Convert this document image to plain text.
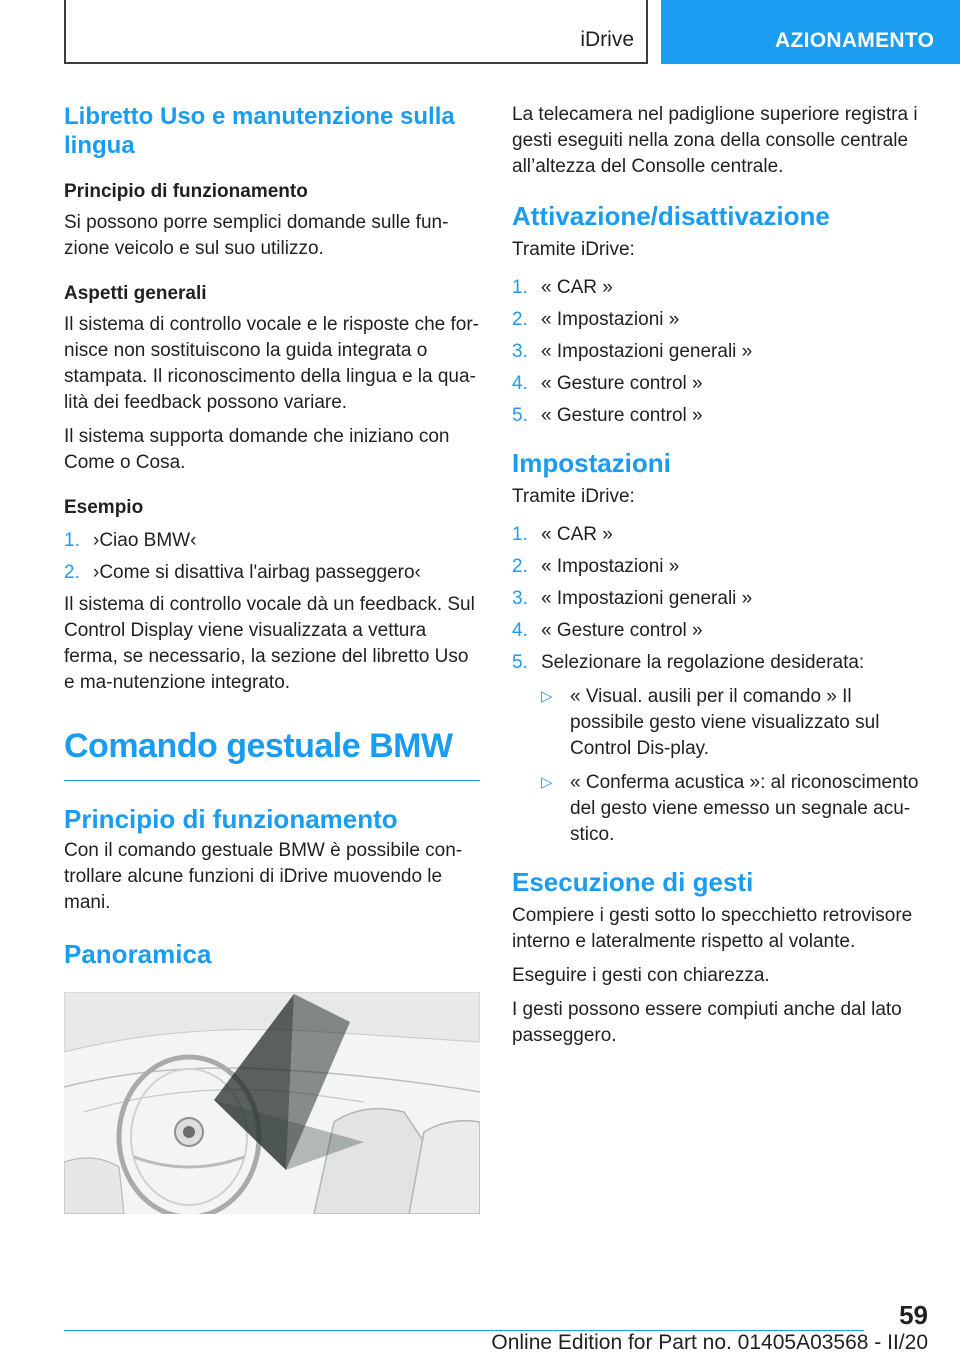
iDrive	AZIONAMENTO
Libretto Uso e manutenzione sulla lingua
Principio di funzionamento

Si possono porre semplici domande sulle fun-zione veicolo e sul suo utilizzo.

Aspetti generali

Il sistema di controllo vocale e le risposte che for-nisce non sostituiscono la guida integrata o stampata. Il riconoscimento della lingua e la qua-lità dei feedback possono variare.

Il sistema supporta domande che iniziano con Come o Cosa.

Esempio
1. ›Ciao BMW‹
2. ›Come si disattiva l'airbag passeggero‹

Il sistema di controllo vocale dà un feedback. Sul Control Display viene visualizzata a vettura ferma, se necessario, la sezione del libretto Uso e ma-nutenzione integrato.

Comando gestuale BMW
Principio di funzionamento

Con il comando gestuale BMW è possibile con-trollare alcune funzioni di iDrive muovendo le mani.

Panoramica

La telecamera nel padiglione superiore registra i gesti eseguiti nella zona della consolle centrale all’altezza del Consolle centrale.

Attivazione/disattivazione

Tramite iDrive:

1. « CAR »
2. « Impostazioni »
3. « Impostazioni generali »
4. « Gesture control »
5. « Gesture control »
Impostazioni

Tramite iDrive:

1. « CAR »
2. « Impostazioni »
3. « Impostazioni generali »
4. « Gesture control »
5. Selezionare la regolazione desiderata:
▷ « Visual. ausili per il comando » Il possibile gesto viene visualizzato sul Control Dis-play.
▷ « Conferma acustica »: al riconoscimento del gesto viene emesso un segnale acu-stico.
Esecuzione di gesti

Compiere i gesti sotto lo specchietto retrovisore interno e lateralmente rispetto al volante.

Eseguire i gesti con chiarezza.

I gesti possono essere compiuti anche dal lato passeggero.

59
Online Edition for Part no. 01405A03568 - II/20
